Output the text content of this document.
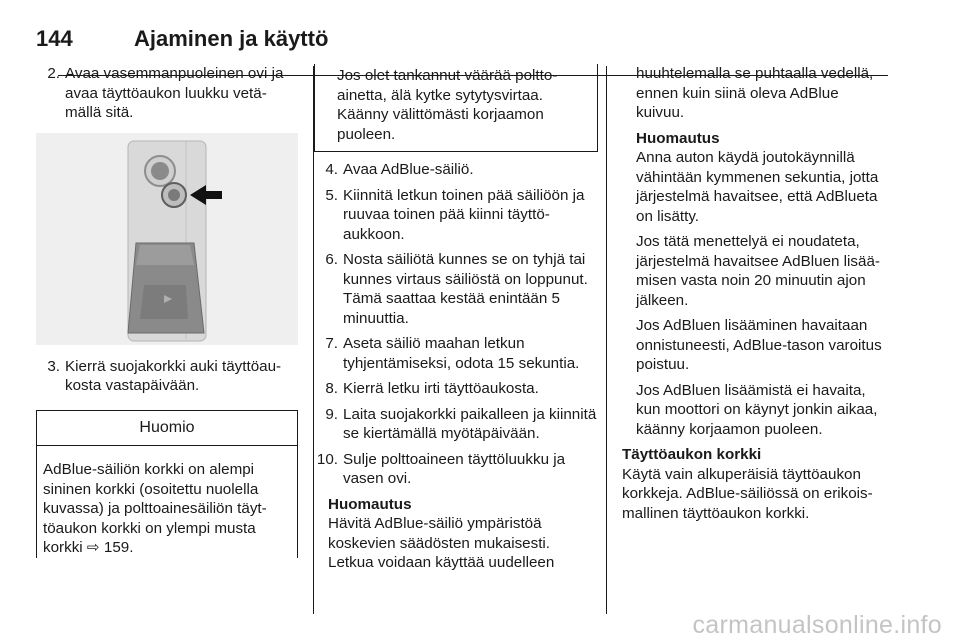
144	Ajaminen ja käyttö
2. Avaa vasemmanpuoleinen ovi ja avaa täyttöaukon luukku vetämällä sitä.
3. Kierrä suojakorkki auki täyttöaukosta vastapäivään.
Huomio
AdBlue-säiliön korkki on alempi sininen korkki (osoitettu nuolella kuvassa) ja polttoainesäiliön täyttöaukon korkki on ylempi musta korkki ⇨ 159.
Jos olet tankannut väärää polttoainetta, älä kytke sytytysvirtaa. Käänny välittömästi korjaamon puoleen.
4. Avaa AdBlue-säiliö.
5. Kiinnitä letkun toinen pää säiliöön ja ruuvaa toinen pää kiinni täyttöaukkoon.
6. Nosta säiliötä kunnes se on tyhjä tai kunnes virtaus säiliöstä on loppunut. Tämä saattaa kestää enintään 5 minuuttia.
7. Aseta säiliö maahan letkun tyhjentämiseksi, odota 15 sekuntia.
8. Kierrä letku irti täyttöaukosta.
9. Laita suojakorkki paikalleen ja kiinnitä se kiertämällä myötäpäivään.
10. Sulje polttoaineen täyttöluukku ja vasen ovi.
Huomautus
Hävitä AdBlue-säiliö ympäristöä koskevien säädösten mukaisesti. Letkua voidaan käyttää uudelleen
huuhtelemalla se puhtaalla vedellä, ennen kuin siinä oleva AdBlue kuivuu.
Huomautus
Anna auton käydä joutokäynnillä vähintään kymmenen sekuntia, jotta järjestelmä havaitsee, että AdBlueta on lisätty.
Jos tätä menettelyä ei noudateta, järjestelmä havaitsee AdBluen lisäämisen vasta noin 20 minuutin ajon jälkeen.
Jos AdBluen lisääminen havaitaan onnistuneesti, AdBlue-tason varoitus poistuu.
Jos AdBluen lisäämistä ei havaita, kun moottori on käynyt jonkin aikaa, käänny korjaamon puoleen.
Täyttöaukon korkki
Käytä vain alkuperäisiä täyttöaukon korkkeja. AdBlue-säiliössä on erikoismallinen täyttöaukon korkki.
carmanualsonline.info
